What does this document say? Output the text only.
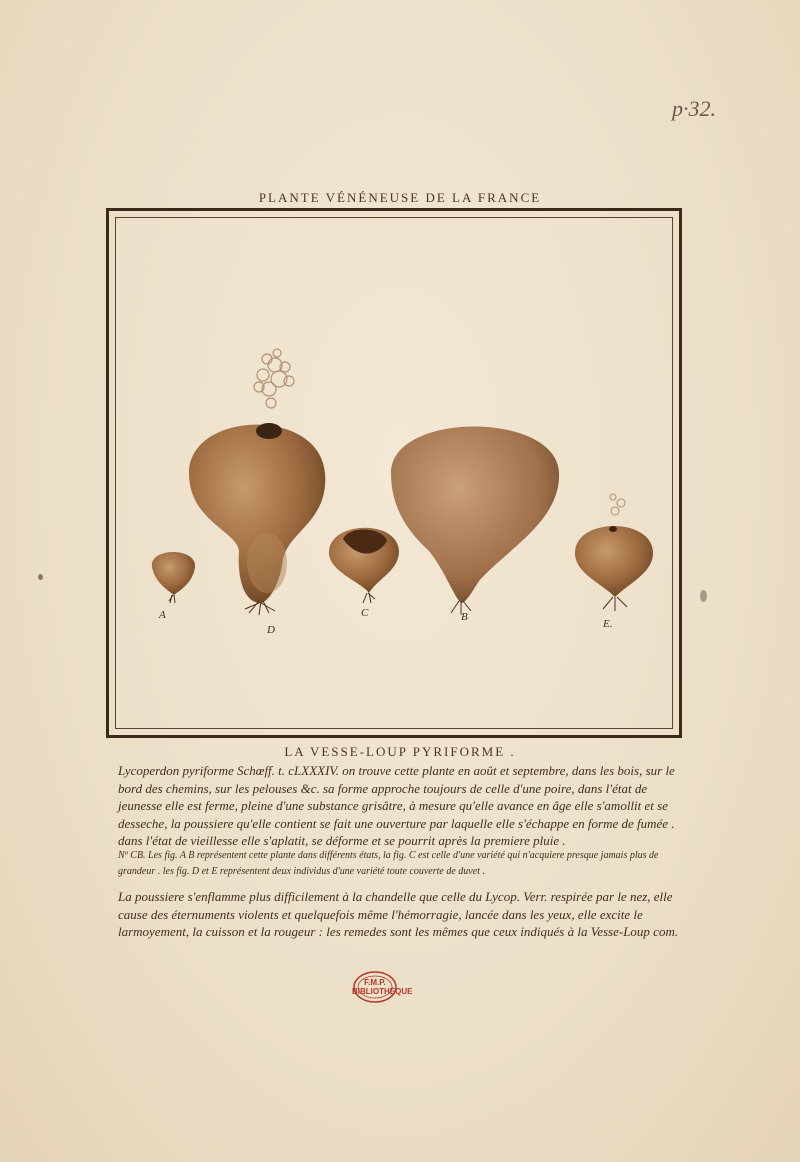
p·32.
PLANTE VÉNÉNEUSE DE LA FRANCE
A
D
C	B
E.
LA VESSE-LOUP PYRIFORME .
Lycoperdon pyriforme Schœff. t. cLXXXIV. on trouve cette plante en août et septembre, dans les bois, sur le bord des chemins, sur les pelouses &c. sa forme approche toujours de celle d'une poire, dans l'état de jeunesse elle est ferme, pleine d'une substance grisâtre, à mesure qu'elle avance en âge elle s'amollit et se desseche, la poussiere qu'elle contient se fait une ouverture par laquelle elle s'échappe en forme de fumée . dans l'état de vieillesse elle s'aplatit, se déforme et se pourrit après la premiere pluie .
Nº CB. Les fig. A B représentent cette plante dans différents états, la fig. C est celle d'une variété qui n'acquiere presque jamais plus de grandeur . les fig. D et E représentent deux individus d'une variété toute couverte de duvet .
La poussiere s'enflamme plus difficilement à la chandelle que celle du Lycop. Verr. respirée par le nez, elle cause des éternuments violents et quelquefois même l'hémorragie, lancée dans les yeux, elle excite le larmoyement, la cuisson et la rougeur : les remedes sont les mêmes que ceux indiqués à la Vesse-Loup com.
F.M.P. BIBLIOTHÈQUE
